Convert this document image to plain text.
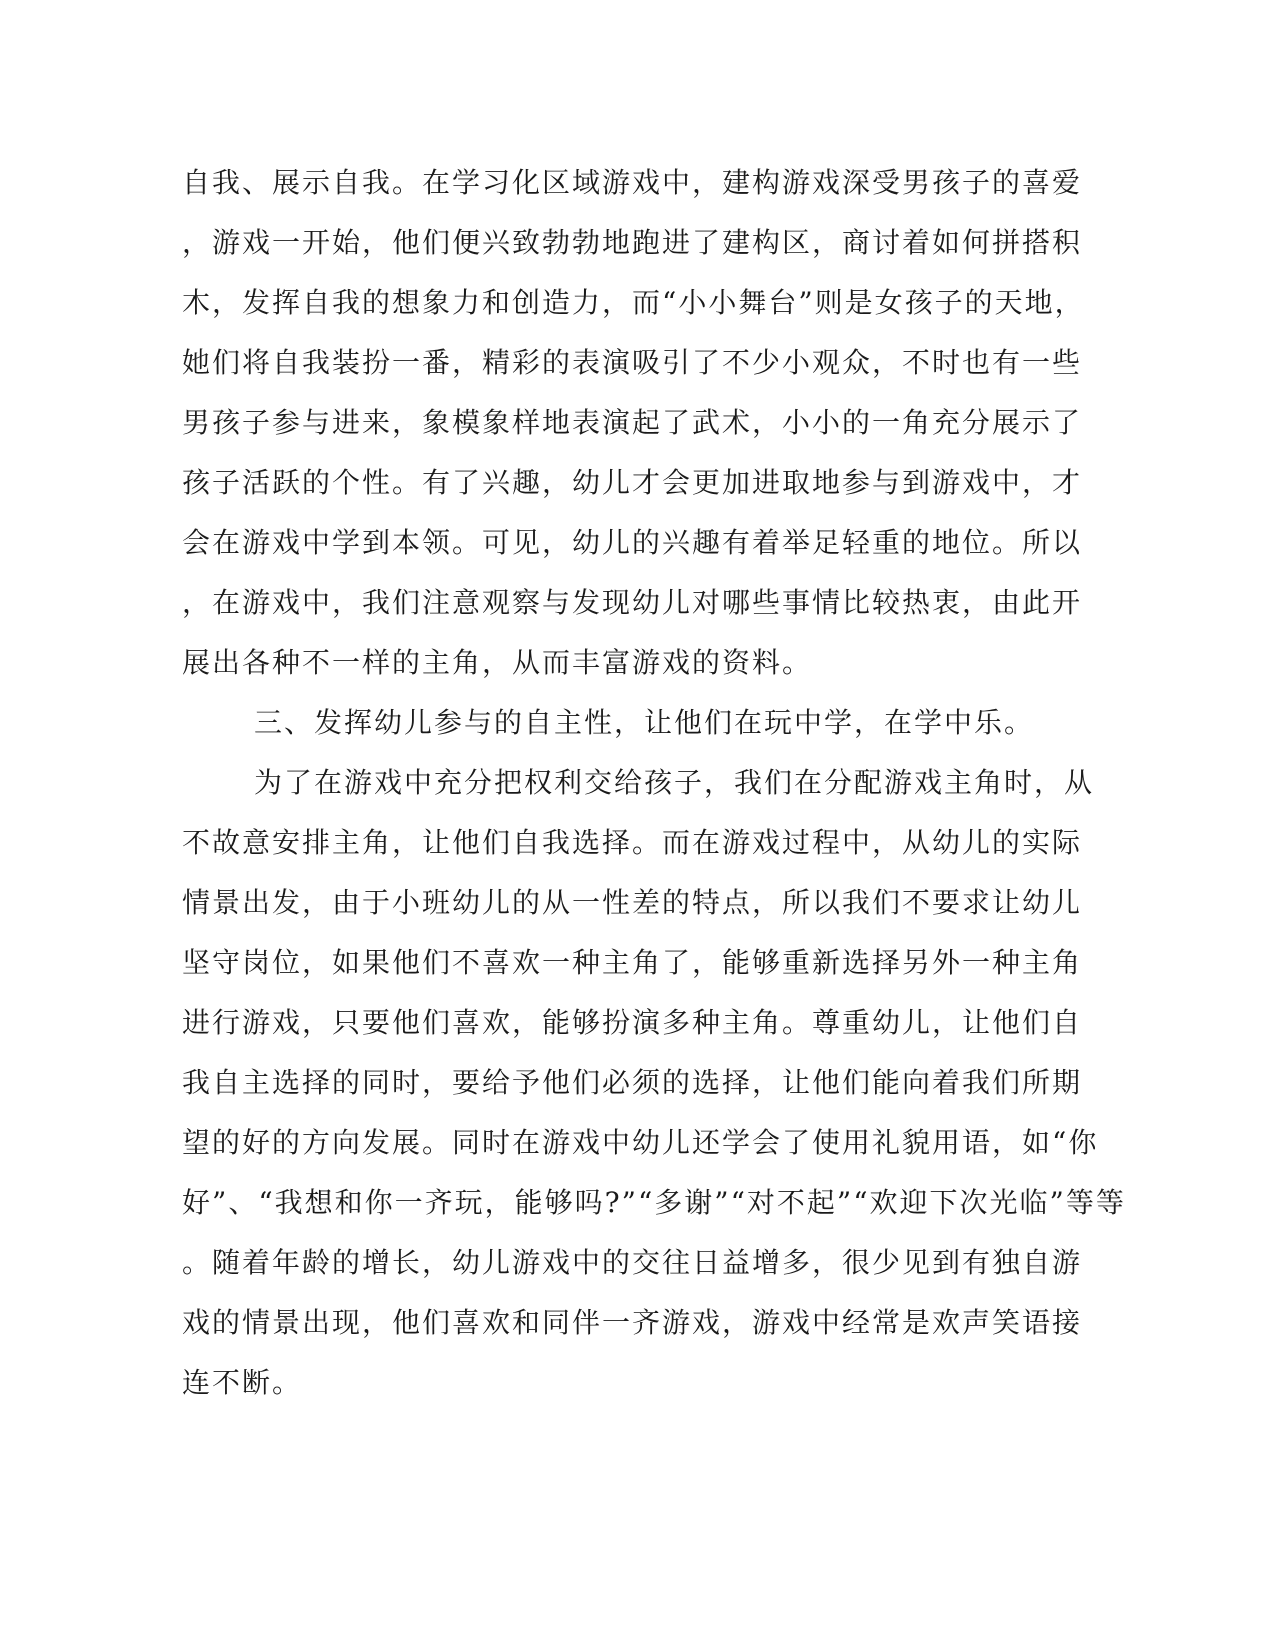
自我、展示自我。在学习化区域游戏中，建构游戏深受男孩子的喜爱
，游戏一开始，他们便兴致勃勃地跑进了建构区，商讨着如何拼搭积
木，发挥自我的想象力和创造力，而“小小舞台”则是女孩子的天地，
她们将自我装扮一番，精彩的表演吸引了不少小观众，不时也有一些
男孩子参与进来，象模象样地表演起了武术，小小的一角充分展示了
孩子活跃的个性。有了兴趣，幼儿才会更加进取地参与到游戏中，才
会在游戏中学到本领。可见，幼儿的兴趣有着举足轻重的地位。所以
，在游戏中，我们注意观察与发现幼儿对哪些事情比较热衷，由此开
展出各种不一样的主角，从而丰富游戏的资料。
三、发挥幼儿参与的自主性，让他们在玩中学，在学中乐。
为了在游戏中充分把权利交给孩子，我们在分配游戏主角时，从
不故意安排主角，让他们自我选择。而在游戏过程中，从幼儿的实际
情景出发，由于小班幼儿的从一性差的特点，所以我们不要求让幼儿
坚守岗位，如果他们不喜欢一种主角了，能够重新选择另外一种主角
进行游戏，只要他们喜欢，能够扮演多种主角。尊重幼儿，让他们自
我自主选择的同时，要给予他们必须的选择，让他们能向着我们所期
望的好的方向发展。同时在游戏中幼儿还学会了使用礼貌用语，如“你
好”、“我想和你一齐玩，能够吗?”“多谢”“对不起”“欢迎下次光临”等等
。随着年龄的增长，幼儿游戏中的交往日益增多，很少见到有独自游
戏的情景出现，他们喜欢和同伴一齐游戏，游戏中经常是欢声笑语接
连不断。
